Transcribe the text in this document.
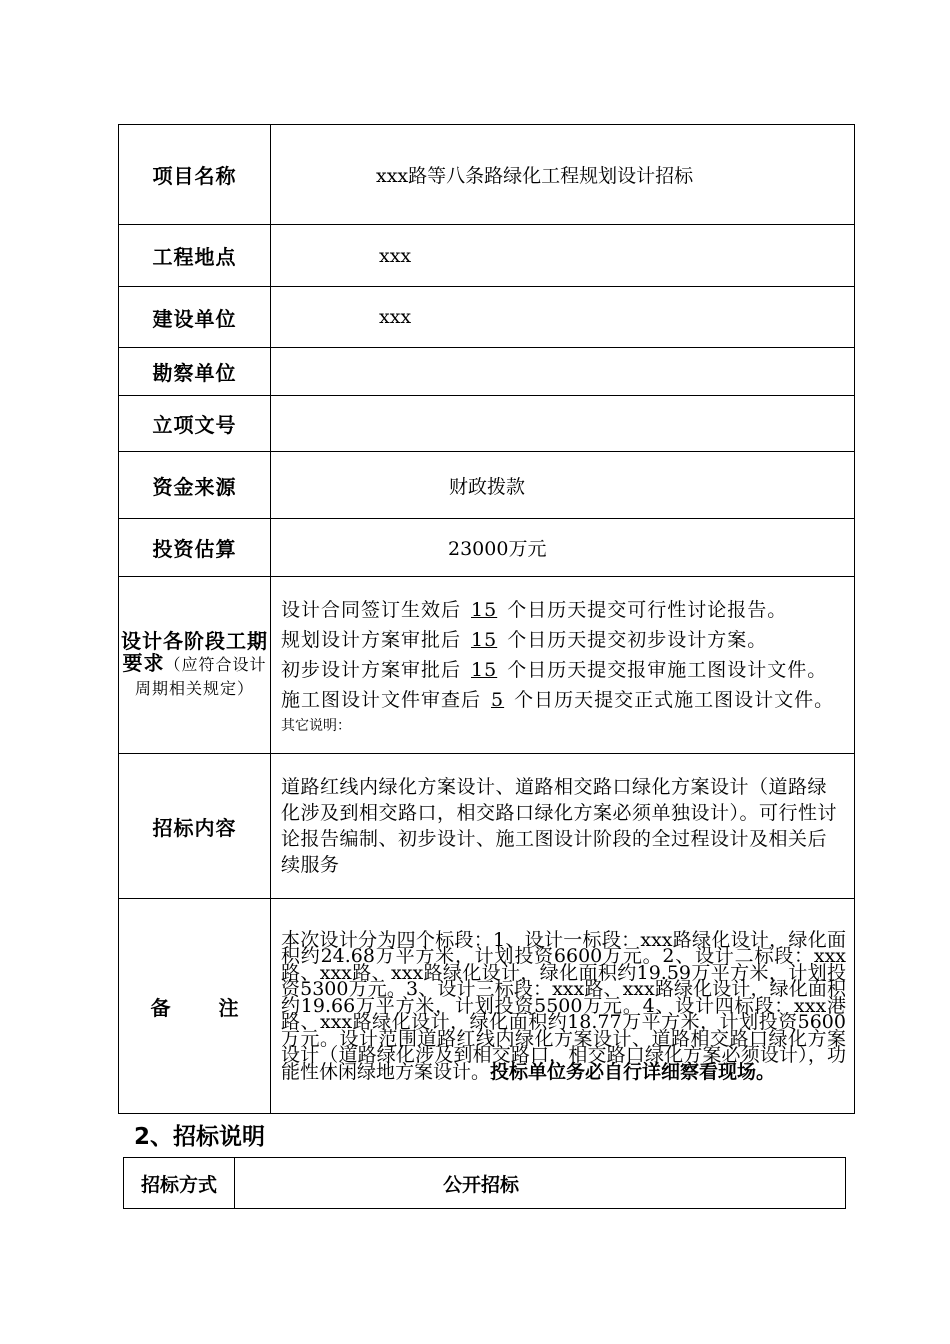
项目名称	xxx路等八条路绿化工程规划设计招标
工程地点	xxx
建设单位	xxx
勘察单位	
立项文号	
资金来源	财政拨款
投资估算	23000万元

设计各阶段工期要求（应符合设计周期相关规定）	设计合同签订生效后 15 个日历天提交可行性讨论报告。
规划设计方案审批后 15 个日历天提交初步设计方案。
初步设计方案审批后 15 个日历天提交报审施工图设计文件。
施工图设计文件审查后 5 个日历天提交正式施工图设计文件。
其它说明：

招标内容	道路红线内绿化方案设计、道路相交路口绿化方案设计（道路绿化涉及到相交路口，相交路口绿化方案必须单独设计）。可行性讨论报告编制、初步设计、施工图设计阶段的全过程设计及相关后续服务
备 注	本次设计分为四个标段：1、设计一标段：xxx路绿化设计，绿化面积约24.68万平方米，计划投资6600万元。2、设计二标段：xxx路、xxx路、xxx路绿化设计，绿化面积约19.59万平方米，计划投资5300万元。3、设计三标段：xxx路、xxx路绿化设计，绿化面积约19.66万平方米，计划投资5500万元。4、设计四标段：xxx港路、xxx路绿化设计，绿化面积约18.77万平方米，计划投资5600万元。设计范围道路红线内绿化方案设计、道路相交路口绿化方案设计（道路绿化涉及到相交路口，相交路口绿化方案必须设计），功能性休闲绿地方案设计。投标单位务必自行详细察看现场。
2、招标说明
招标方式	公开招标
